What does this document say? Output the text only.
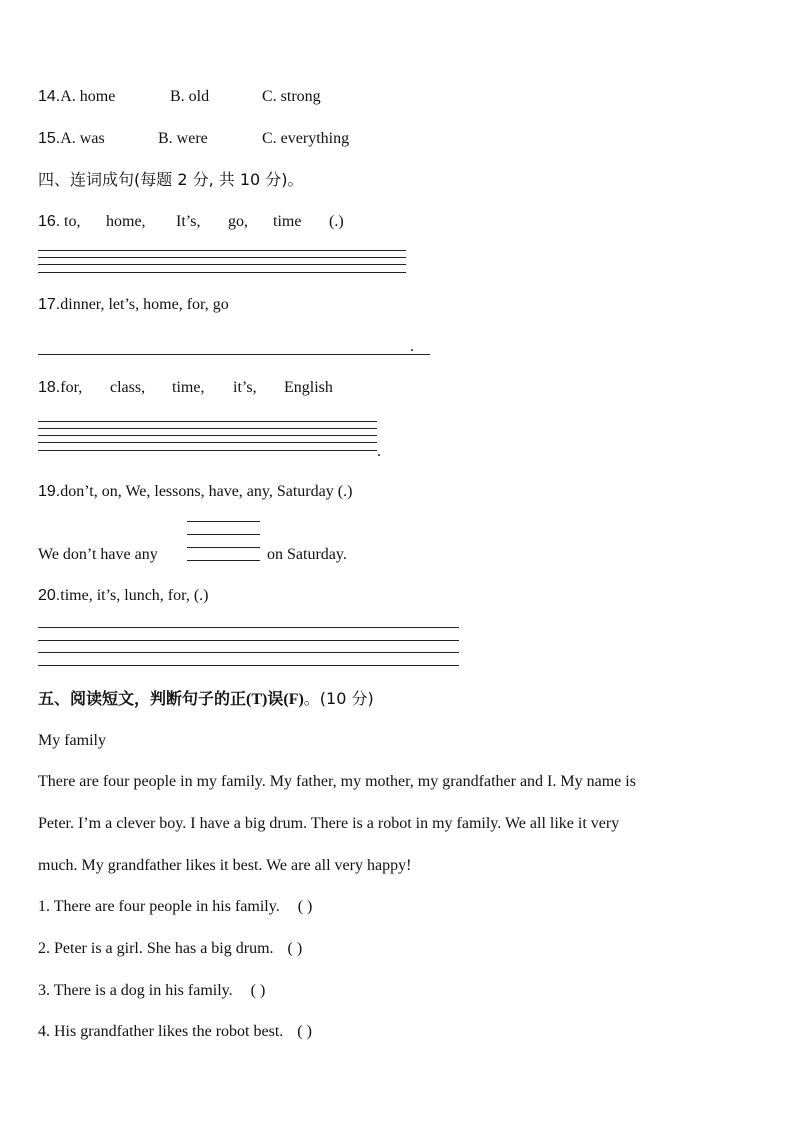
14.A. home	B. old	C. strong
15.A. was	B. were	C. everything
四、连词成句(每题 2 分, 共 10 分)。
16. to, home, It’s, go, time (.)
17.dinner, let’s, home, for, go
.
18.for, class, time, it’s, English
.
19.don’t, on, We, lessons, have, any, Saturday (.)
We don’t have any	on Saturday.
20.time, it’s, lunch, for, (.)
五、阅读短文，判断句子的正(T)误(F)。(10 分)
My family
There are four people in my family. My father, my mother, my grandfather and I. My name is
Peter. I’m a clever boy. I have a big drum. There is a robot in my family. We all like it very
much. My grandfather likes it best. We are all very happy!
1. There are four people in his family. ( )
2. Peter is a girl. She has a big drum. ( )
3. There is a dog in his family. ( )
4. His grandfather likes the robot best. ( )
